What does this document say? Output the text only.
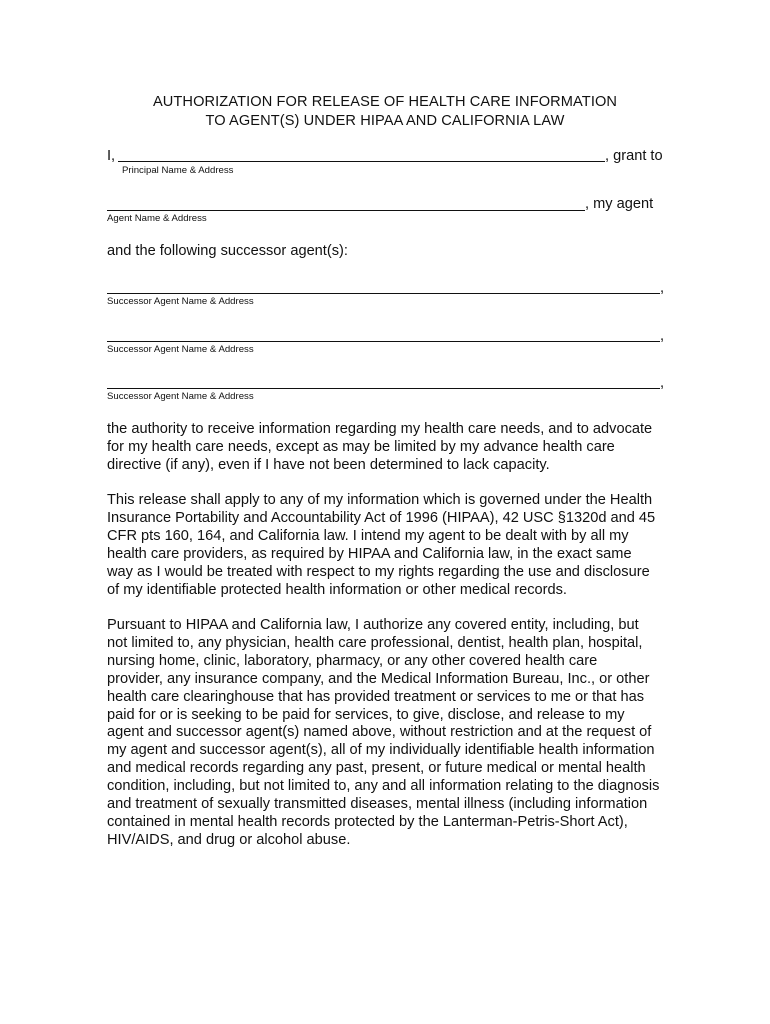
AUTHORIZATION FOR RELEASE OF HEALTH CARE INFORMATION
TO AGENT(S) UNDER HIPAA AND CALIFORNIA LAW
I,	, grant to
Principal Name & Address
, my agent
Agent Name & Address
and the following successor agent(s):
,
Successor Agent Name & Address
,
Successor Agent Name & Address
,
Successor Agent Name & Address

the authority to receive information regarding my health care needs, and to advocate
for my health care needs, except as may be limited by my advance health care
directive (if any), even if I have not been determined to lack capacity.

This release shall apply to any of my information which is governed under the Health
Insurance Portability and Accountability Act of 1996 (HIPAA), 42 USC §1320d and 45
CFR pts 160, 164, and California law. I intend my agent to be dealt with by all my
health care providers, as required by HIPAA and California law, in the exact same
way as I would be treated with respect to my rights regarding the use and disclosure
of my identifiable protected health information or other medical records.

Pursuant to HIPAA and California law, I authorize any covered entity, including, but
not limited to, any physician, health care professional, dentist, health plan, hospital,
nursing home, clinic, laboratory, pharmacy, or any other covered health care
provider, any insurance company, and the Medical Information Bureau, Inc., or other
health care clearinghouse that has provided treatment or services to me or that has
paid for or is seeking to be paid for services, to give, disclose, and release to my
agent and successor agent(s) named above, without restriction and at the request of
my agent and successor agent(s), all of my individually identifiable health information
and medical records regarding any past, present, or future medical or mental health
condition, including, but not limited to, any and all information relating to the diagnosis
and treatment of sexually transmitted diseases, mental illness (including information
contained in mental health records protected by the Lanterman-Petris-Short Act),
HIV/AIDS, and drug or alcohol abuse.
